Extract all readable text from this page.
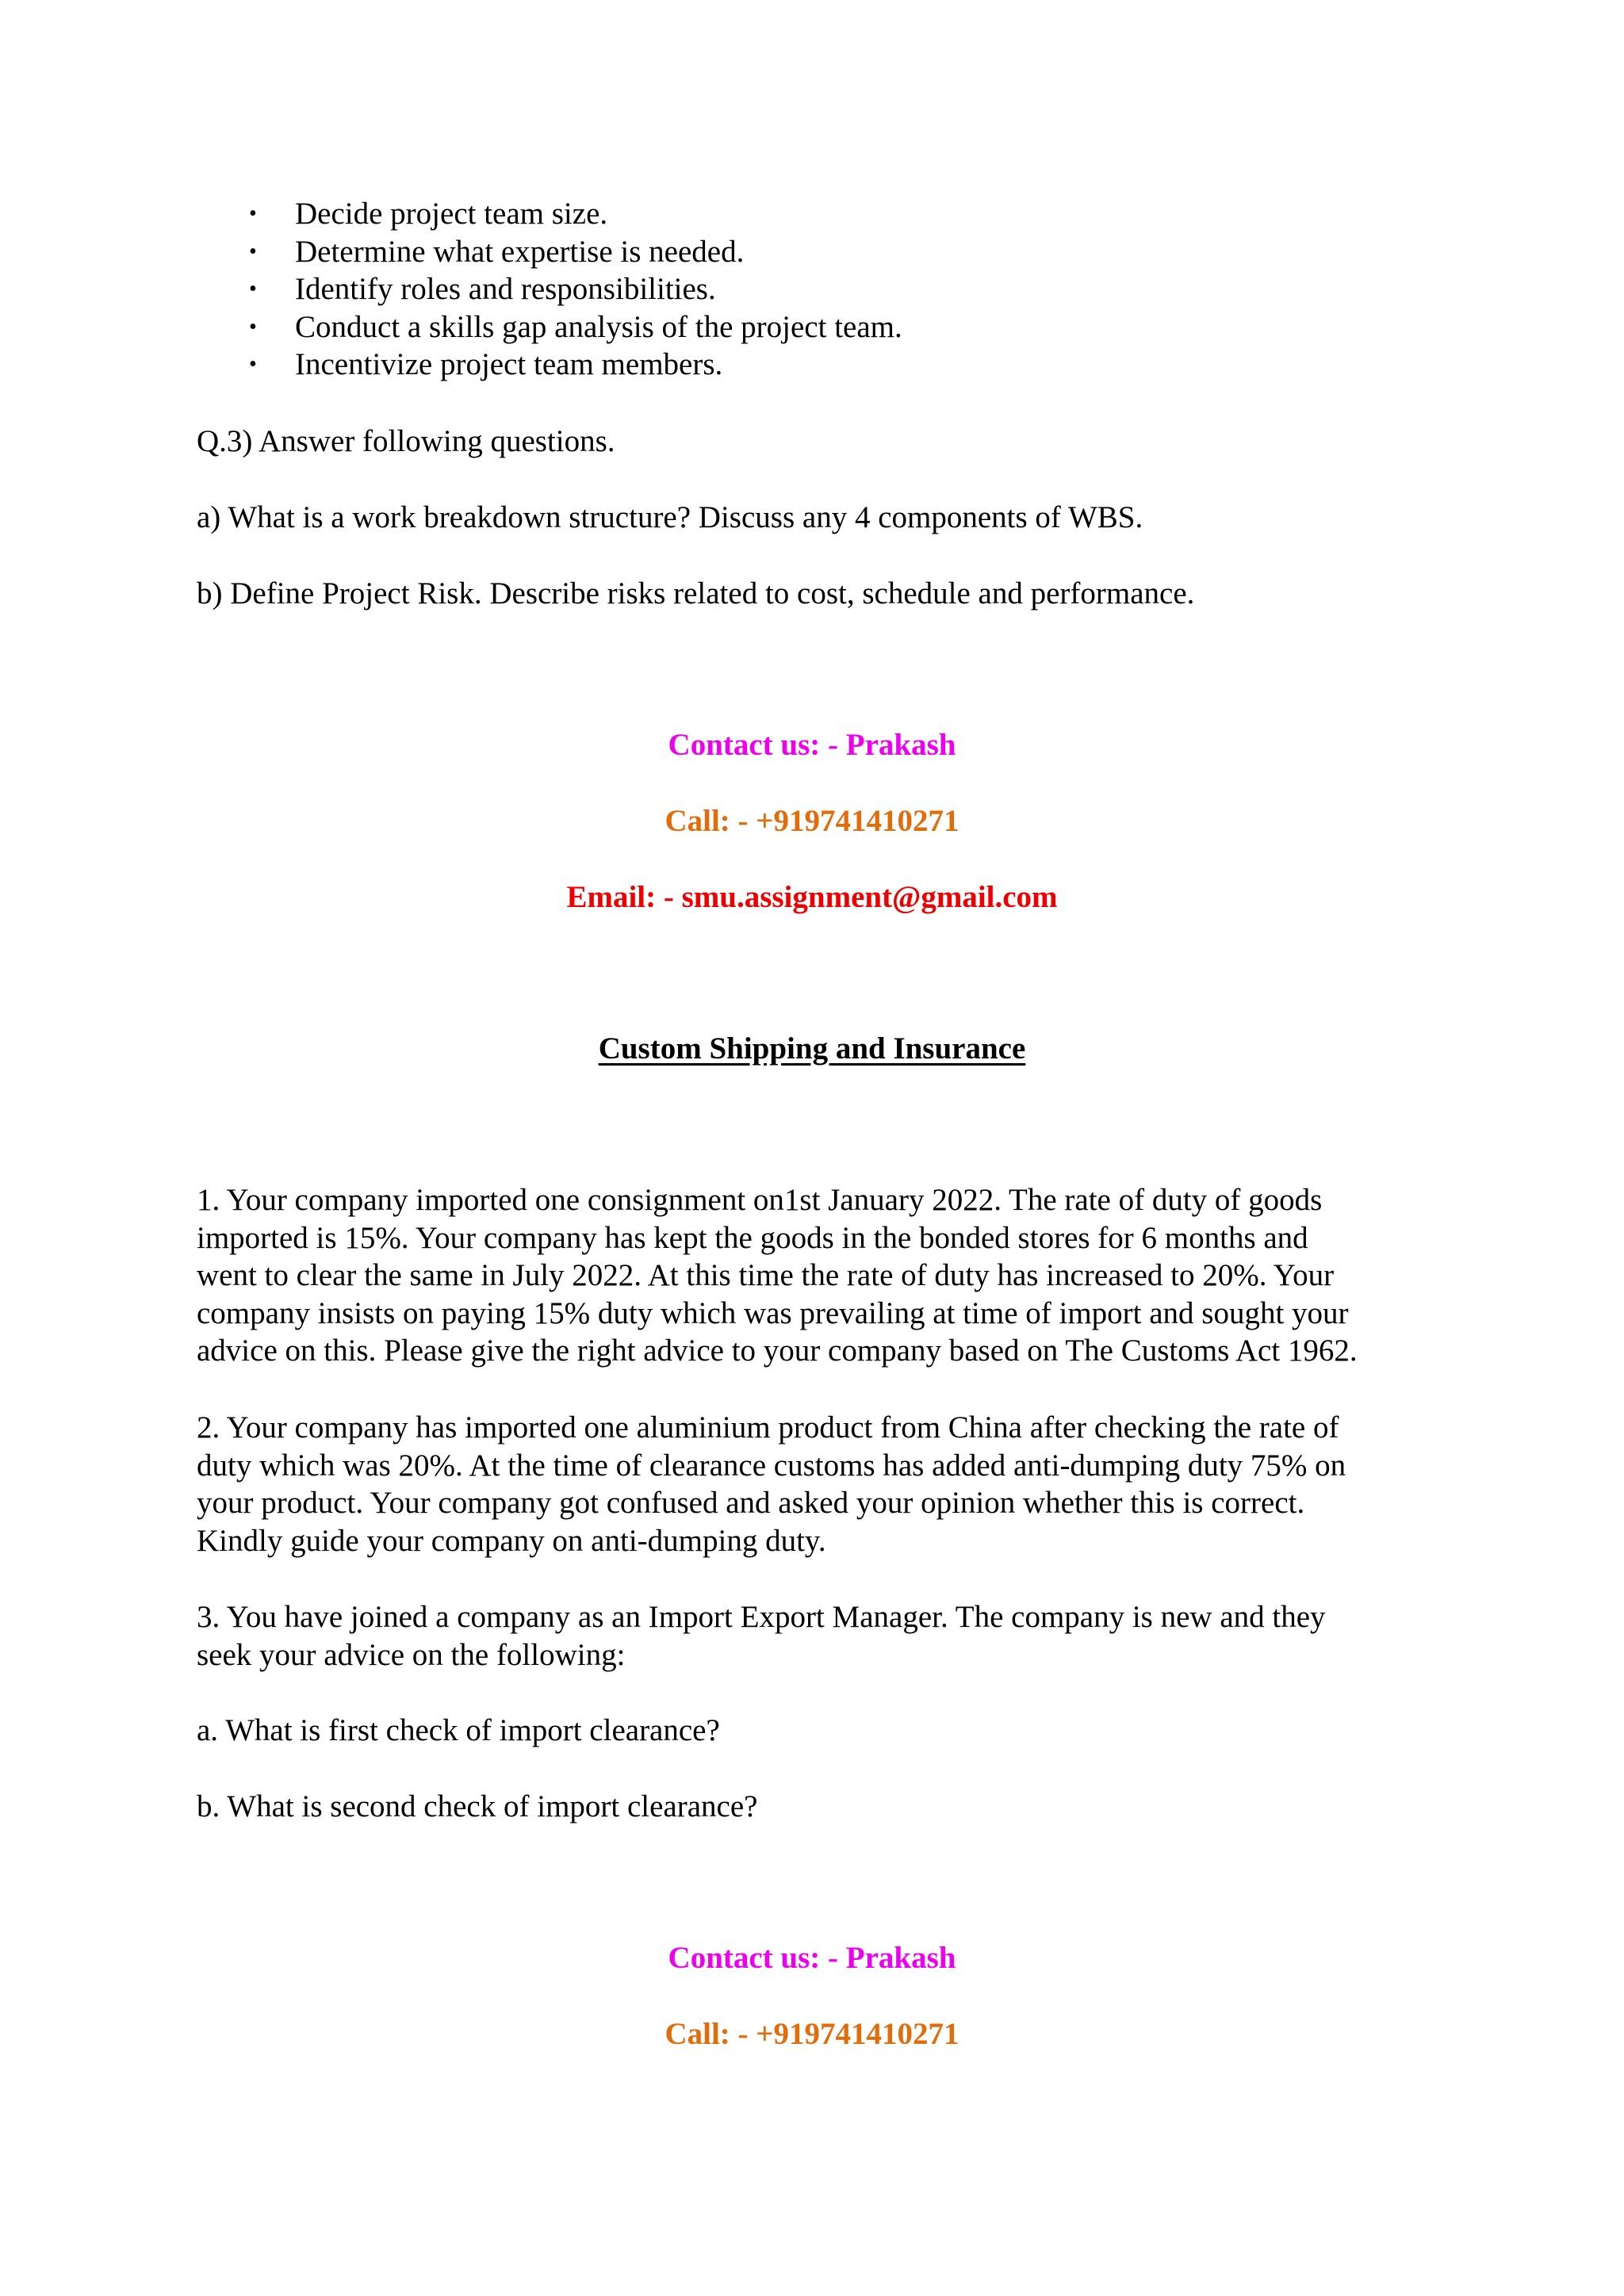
• Decide project team size.
• Determine what expertise is needed.
• Identify roles and responsibilities.
• Conduct a skills gap analysis of the project team.
• Incentivize project team members.

Q.3) Answer following questions.

a) What is a work breakdown structure? Discuss any 4 components of WBS.

b) Define Project Risk. Describe risks related to cost, schedule and performance.

Contact us: - Prakash

Call: - +919741410271

Email: - smu.assignment@gmail.com

Custom Shipping and Insurance

1. Your company imported one consignment on1st January 2022. The rate of duty of goods
imported is 15%. Your company has kept the goods in the bonded stores for 6 months and
went to clear the same in July 2022. At this time the rate of duty has increased to 20%. Your
company insists on paying 15% duty which was prevailing at time of import and sought your
advice on this. Please give the right advice to your company based on The Customs Act 1962.
2. Your company has imported one aluminium product from China after checking the rate of
duty which was 20%. At the time of clearance customs has added anti-dumping duty 75% on
your product. Your company got confused and asked your opinion whether this is correct.
Kindly guide your company on anti-dumping duty.
3. You have joined a company as an Import Export Manager. The company is new and they
seek your advice on the following:

a. What is first check of import clearance?

b. What is second check of import clearance?

Contact us: - Prakash

Call: - +919741410271
